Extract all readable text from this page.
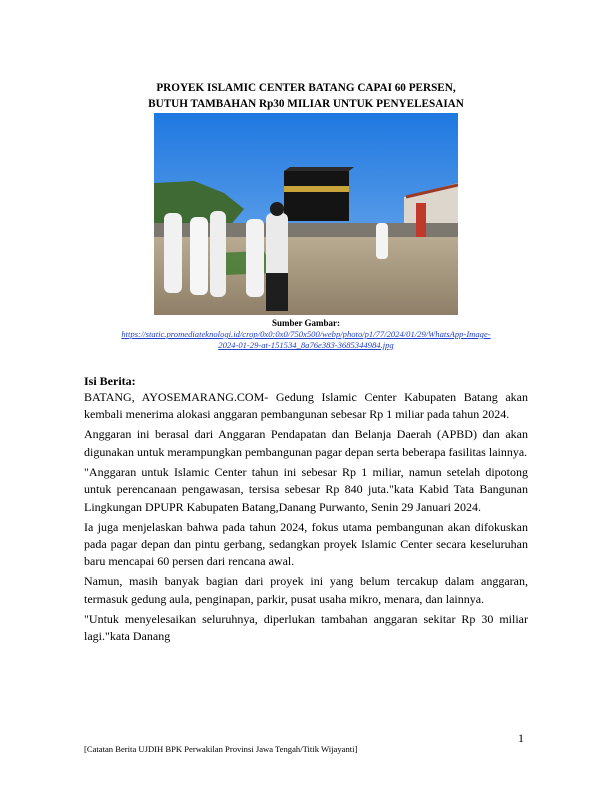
PROYEK ISLAMIC CENTER BATANG CAPAI 60 PERSEN,
BUTUH TAMBAHAN Rp30 MILIAR UNTUK PENYELESAIAN
Sumber Gambar:
https://static.promediateknologi.id/crop/0x0:0x0/750x500/webp/photo/p1/77/2024/01/29/WhatsApp-Image-
2024-01-29-at-151534_8a76e383-3685344984.jpg
Isi Berita:

BATANG, AYOSEMARANG.COM- Gedung Islamic Center Kabupaten Batang akan kembali menerima alokasi anggaran pembangunan sebesar Rp 1 miliar pada tahun 2024.

Anggaran ini berasal dari Anggaran Pendapatan dan Belanja Daerah (APBD) dan akan digunakan untuk merampungkan pembangunan pagar depan serta beberapa fasilitas lainnya.

"Anggaran untuk Islamic Center tahun ini sebesar Rp 1 miliar, namun setelah dipotong untuk perencanaan pengawasan, tersisa sebesar Rp 840 juta."kata Kabid Tata Bangunan Lingkungan DPUPR Kabupaten Batang,Danang Purwanto, Senin 29 Januari 2024.

Ia juga menjelaskan bahwa pada tahun 2024, fokus utama pembangunan akan difokuskan pada pagar depan dan pintu gerbang, sedangkan proyek Islamic Center secara keseluruhan baru mencapai 60 persen dari rencana awal.

Namun, masih banyak bagian dari proyek ini yang belum tercakup dalam anggaran, termasuk gedung aula, penginapan, parkir, pusat usaha mikro, menara, dan lainnya.

"Untuk menyelesaikan seluruhnya, diperlukan tambahan anggaran sekitar Rp 30 miliar lagi."kata Danang

1
[Catatan Berita UJDIH BPK Perwakilan Provinsi Jawa Tengah/Titik Wijayanti]
